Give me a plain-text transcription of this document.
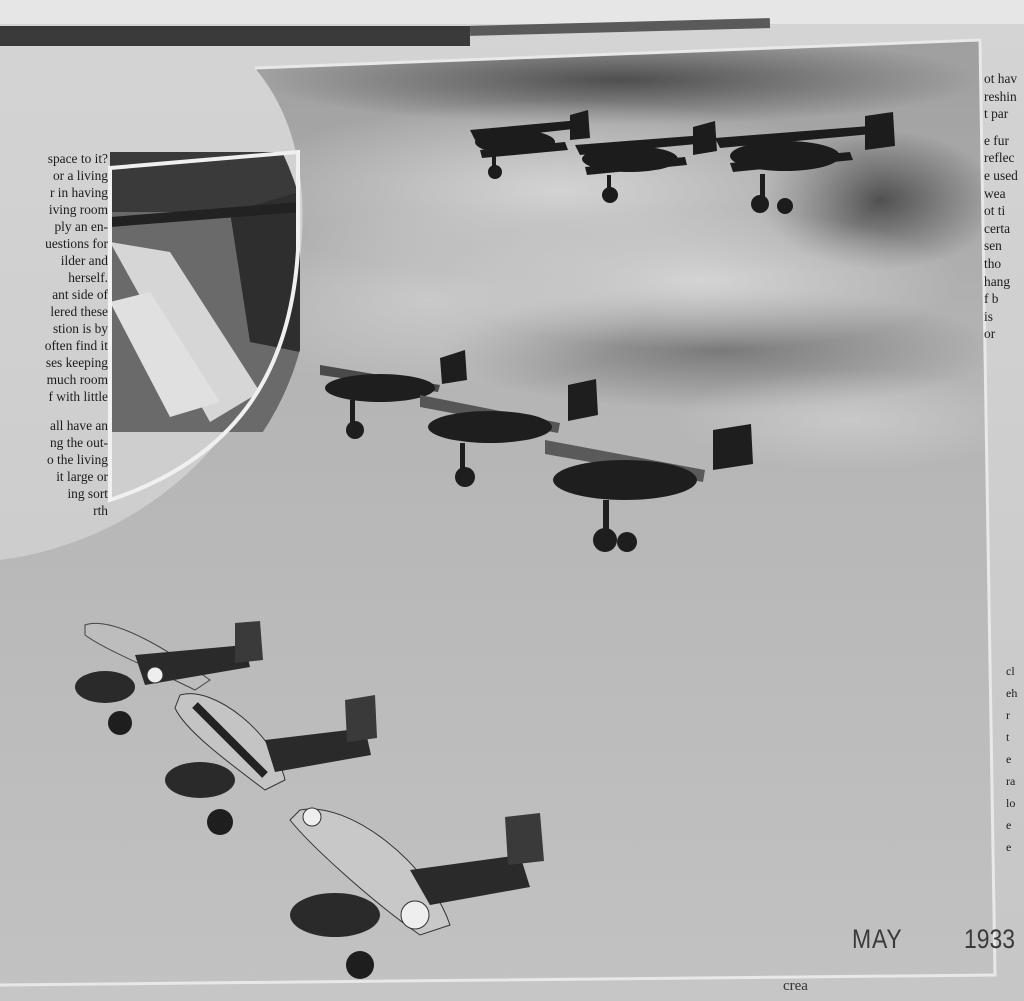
space to it?

or a living

r in having

iving room

ply an en-

uestions for

ilder and

herself.

ant side of

lered these

stion is by

often find it

ses keeping

much room

f with little

all have an

ng the out-

o the living

it large or

ing sort

rth

ot hav

reshin

t par

e fur

reflec

e used

wea

ot ti

certa

sen

tho

hang

f b

is

or

cl

eh

r

t

e

ra

lo

e

e

MAY 1933
crea
